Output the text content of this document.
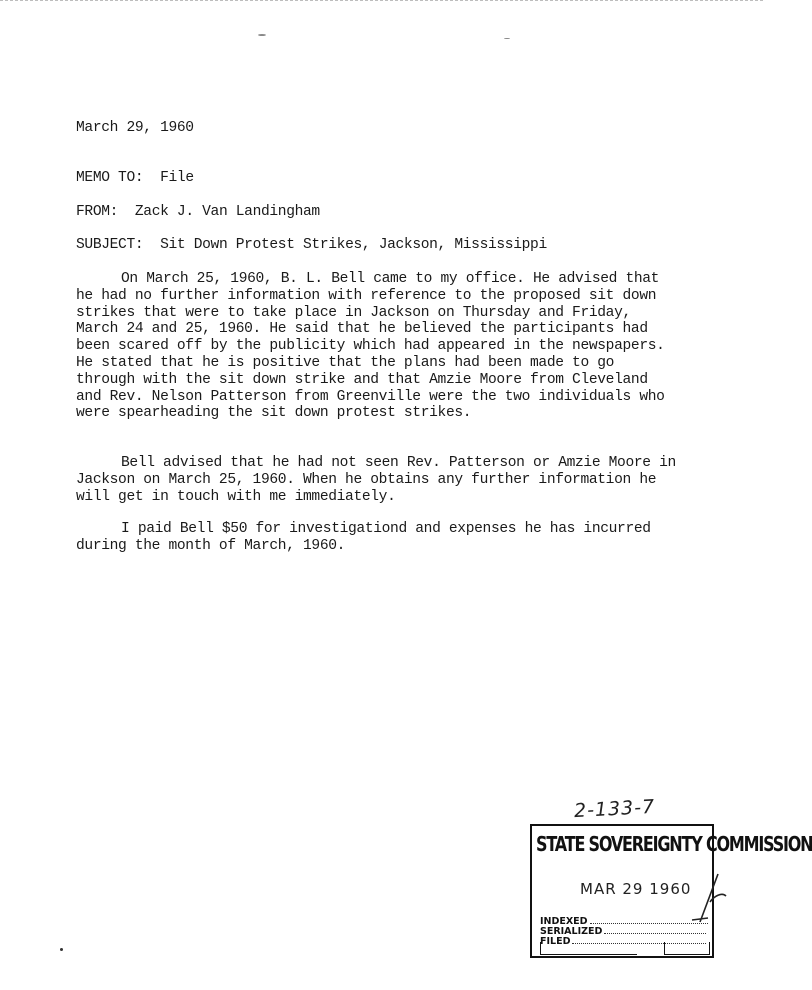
March 29, 1960
MEMO TO: File
FROM: Zack J. Van Landingham
SUBJECT: Sit Down Protest Strikes, Jackson, Mississippi

On March 25, 1960, B. L. Bell came to my office. He advised that he had no further information with reference to the proposed sit down strikes that were to take place in Jackson on Thursday and Friday, March 24 and 25, 1960. He said that he believed the participants had been scared off by the publicity which had appeared in the newspapers. He stated that he is positive that the plans had been made to go through with the sit down strike and that Amzie Moore from Cleveland and Rev. Nelson Patterson from Greenville were the two individuals who were spearheading the sit down protest strikes.

Bell advised that he had not seen Rev. Patterson or Amzie Moore in Jackson on March 25, 1960. When he obtains any further information he will get in touch with me immediately.

I paid Bell $50 for investigationd and expenses he has incurred during the month of March, 1960.

2-133-7
STATE SOVEREIGNTY COMMISSION
MAR 29 1960
INDEXED
SERIALIZED
FILED
